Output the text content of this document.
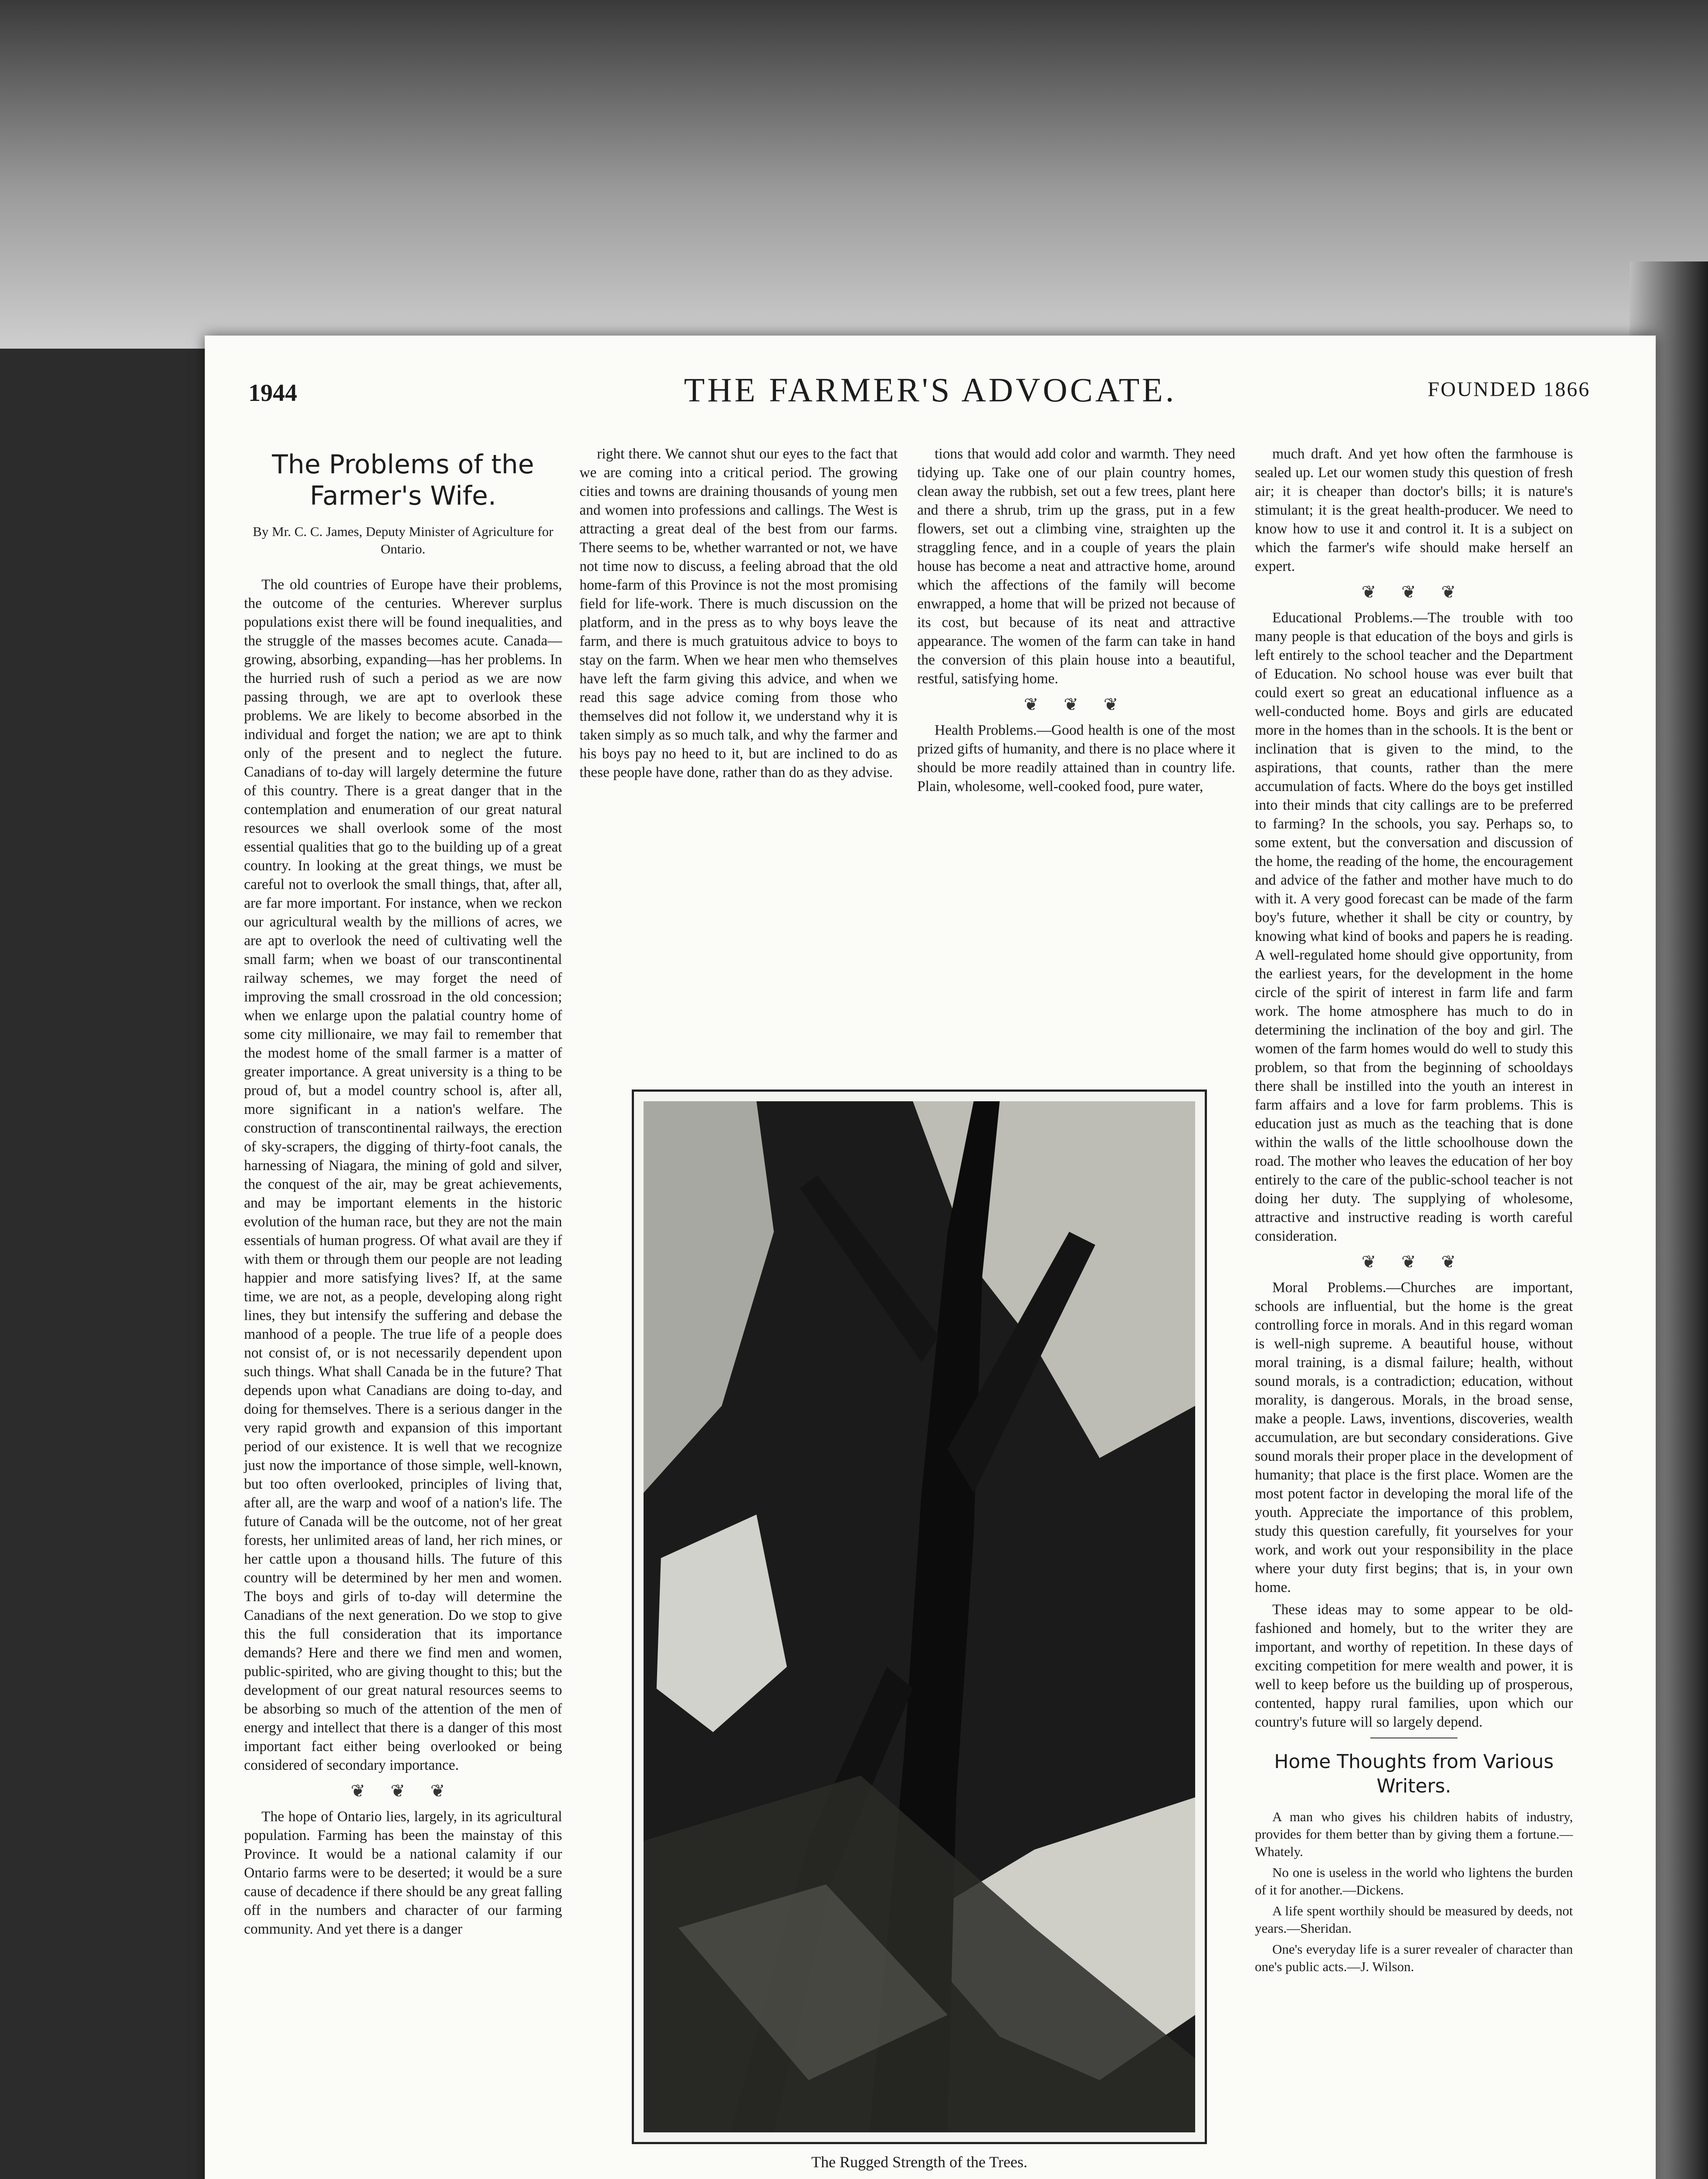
1944	THE FARMER'S ADVOCATE.	FOUNDED 1866
The Problems of the Farmer's Wife.
By Mr. C. C. James, Deputy Minister of Agriculture for Ontario.

The old countries of Europe have their problems, the outcome of the centuries. Wherever surplus populations exist there will be found inequalities, and the struggle of the masses becomes acute. Canada—growing, absorbing, expanding—has her problems. In the hurried rush of such a period as we are now passing through, we are apt to overlook these problems. We are likely to become absorbed in the individual and forget the nation; we are apt to think only of the present and to neglect the future. Canadians of to-day will largely determine the future of this country. There is a great danger that in the contemplation and enumeration of our great natural resources we shall overlook some of the most essential qualities that go to the building up of a great country. In looking at the great things, we must be careful not to overlook the small things, that, after all, are far more important. For instance, when we reckon our agricultural wealth by the millions of acres, we are apt to overlook the need of cultivating well the small farm; when we boast of our transcontinental railway schemes, we may forget the need of improving the small crossroad in the old concession; when we enlarge upon the palatial country home of some city millionaire, we may fail to remember that the modest home of the small farmer is a matter of greater importance. A great university is a thing to be proud of, but a model country school is, after all, more significant in a nation's welfare. The construction of transcontinental railways, the erection of sky-scrapers, the digging of thirty-foot canals, the harnessing of Niagara, the mining of gold and silver, the conquest of the air, may be great achievements, and may be important elements in the historic evolution of the human race, but they are not the main essentials of human progress. Of what avail are they if with them or through them our people are not leading happier and more satisfying lives? If, at the same time, we are not, as a people, developing along right lines, they but intensify the suffering and debase the manhood of a people. The true life of a people does not consist of, or is not necessarily dependent upon such things. What shall Canada be in the future? That depends upon what Canadians are doing to-day, and doing for themselves. There is a serious danger in the very rapid growth and expansion of this important period of our existence. It is well that we recognize just now the importance of those simple, well-known, but too often overlooked, principles of living that, after all, are the warp and woof of a nation's life. The future of Canada will be the outcome, not of her great forests, her unlimited areas of land, her rich mines, or her cattle upon a thousand hills. The future of this country will be determined by her men and women. The boys and girls of to-day will determine the Canadians of the next generation. Do we stop to give this the full consideration that its importance demands? Here and there we find men and women, public-spirited, who are giving thought to this; but the development of our great natural resources seems to be absorbing so much of the attention of the men of energy and intellect that there is a danger of this most important fact either being overlooked or being considered of secondary importance.

❦ ❦ ❦

The hope of Ontario lies, largely, in its agricultural population. Farming has been the mainstay of this Province. It would be a national calamity if our Ontario farms were to be deserted; it would be a sure cause of decadence if there should be any great falling off in the numbers and character of our farming community. And yet there is a danger

right there. We cannot shut our eyes to the fact that we are coming into a critical period. The growing cities and towns are draining thousands of young men and women into professions and callings. The West is attracting a great deal of the best from our farms. There seems to be, whether warranted or not, we have not time now to discuss, a feeling abroad that the old home-farm of this Province is not the most promising field for life-work. There is much discussion on the platform, and in the press as to why boys leave the farm, and there is much gratuitous advice to boys to stay on the farm. When we hear men who themselves have left the farm giving this advice, and when we read this sage advice coming from those who themselves did not follow it, we understand why it is taken simply as so much talk, and why the farmer and his boys pay no heed to it, but are inclined to do as these people have done, rather than do as they advise.

tions that would add color and warmth. They need tidying up. Take one of our plain country homes, clean away the rubbish, set out a few trees, plant here and there a shrub, trim up the grass, put in a few flowers, set out a climbing vine, straighten up the straggling fence, and in a couple of years the plain house has become a neat and attractive home, around which the affections of the family will become enwrapped, a home that will be prized not because of its cost, but because of its neat and attractive appearance. The women of the farm can take in hand the conversion of this plain house into a beautiful, restful, satisfying home.

❦ ❦ ❦

Health Problems.—Good health is one of the most prized gifts of humanity, and there is no place where it should be more readily attained than in country life. Plain, wholesome, well-cooked food, pure water,

The Rugged Strength of the Trees.

much draft. And yet how often the farmhouse is sealed up. Let our women study this question of fresh air; it is cheaper than doctor's bills; it is nature's stimulant; it is the great health-producer. We need to know how to use it and control it. It is a subject on which the farmer's wife should make herself an expert.

❦ ❦ ❦

Educational Problems.—The trouble with too many people is that education of the boys and girls is left entirely to the school teacher and the Department of Education. No school house was ever built that could exert so great an educational influence as a well-conducted home. Boys and girls are educated more in the homes than in the schools. It is the bent or inclination that is given to the mind, to the aspirations, that counts, rather than the mere accumulation of facts. Where do the boys get instilled into their minds that city callings are to be preferred to farming? In the schools, you say. Perhaps so, to some extent, but the conversation and discussion of the home, the reading of the home, the encouragement and advice of the father and mother have much to do with it. A very good forecast can be made of the farm boy's future, whether it shall be city or country, by knowing what kind of books and papers he is reading. A well-regulated home should give opportunity, from the earliest years, for the development in the home circle of the spirit of interest in farm life and farm work. The home atmosphere has much to do in determining the inclination of the boy and girl. The women of the farm homes would do well to study this problem, so that from the beginning of schooldays there shall be instilled into the youth an interest in farm affairs and a love for farm problems. This is education just as much as the teaching that is done within the walls of the little schoolhouse down the road. The mother who leaves the education of her boy entirely to the care of the public-school teacher is not doing her duty. The supplying of wholesome, attractive and instructive reading is worth careful consideration.

❦ ❦ ❦

Moral Problems.—Churches are important, schools are influential, but the home is the great controlling force in morals. And in this regard woman is well-nigh supreme. A beautiful house, without moral training, is a dismal failure; health, without sound morals, is a contradiction; education, without morality, is dangerous. Morals, in the broad sense, make a people. Laws, inventions, discoveries, wealth accumulation, are but secondary considerations. Give sound morals their proper place in the development of humanity; that place is the first place. Women are the most potent factor in developing the moral life of the youth. Appreciate the importance of this problem, study this question carefully, fit yourselves for your work, and work out your responsibility in the place where your duty first begins; that is, in your own home.

These ideas may to some appear to be old-fashioned and homely, but to the writer they are important, and worthy of repetition. In these days of exciting competition for mere wealth and power, it is well to keep before us the building up of prosperous, contented, happy rural families, upon which our country's future will so largely depend.

Home Thoughts from Various Writers.

A man who gives his children habits of industry, provides for them better than by giving them a fortune.—Whately.

No one is useless in the world who lightens the burden of it for another.—Dickens.

A life spent worthily should be measured by deeds, not years.—Sheridan.

One's everyday life is a surer revealer of character than one's public acts.—J. Wilson.
